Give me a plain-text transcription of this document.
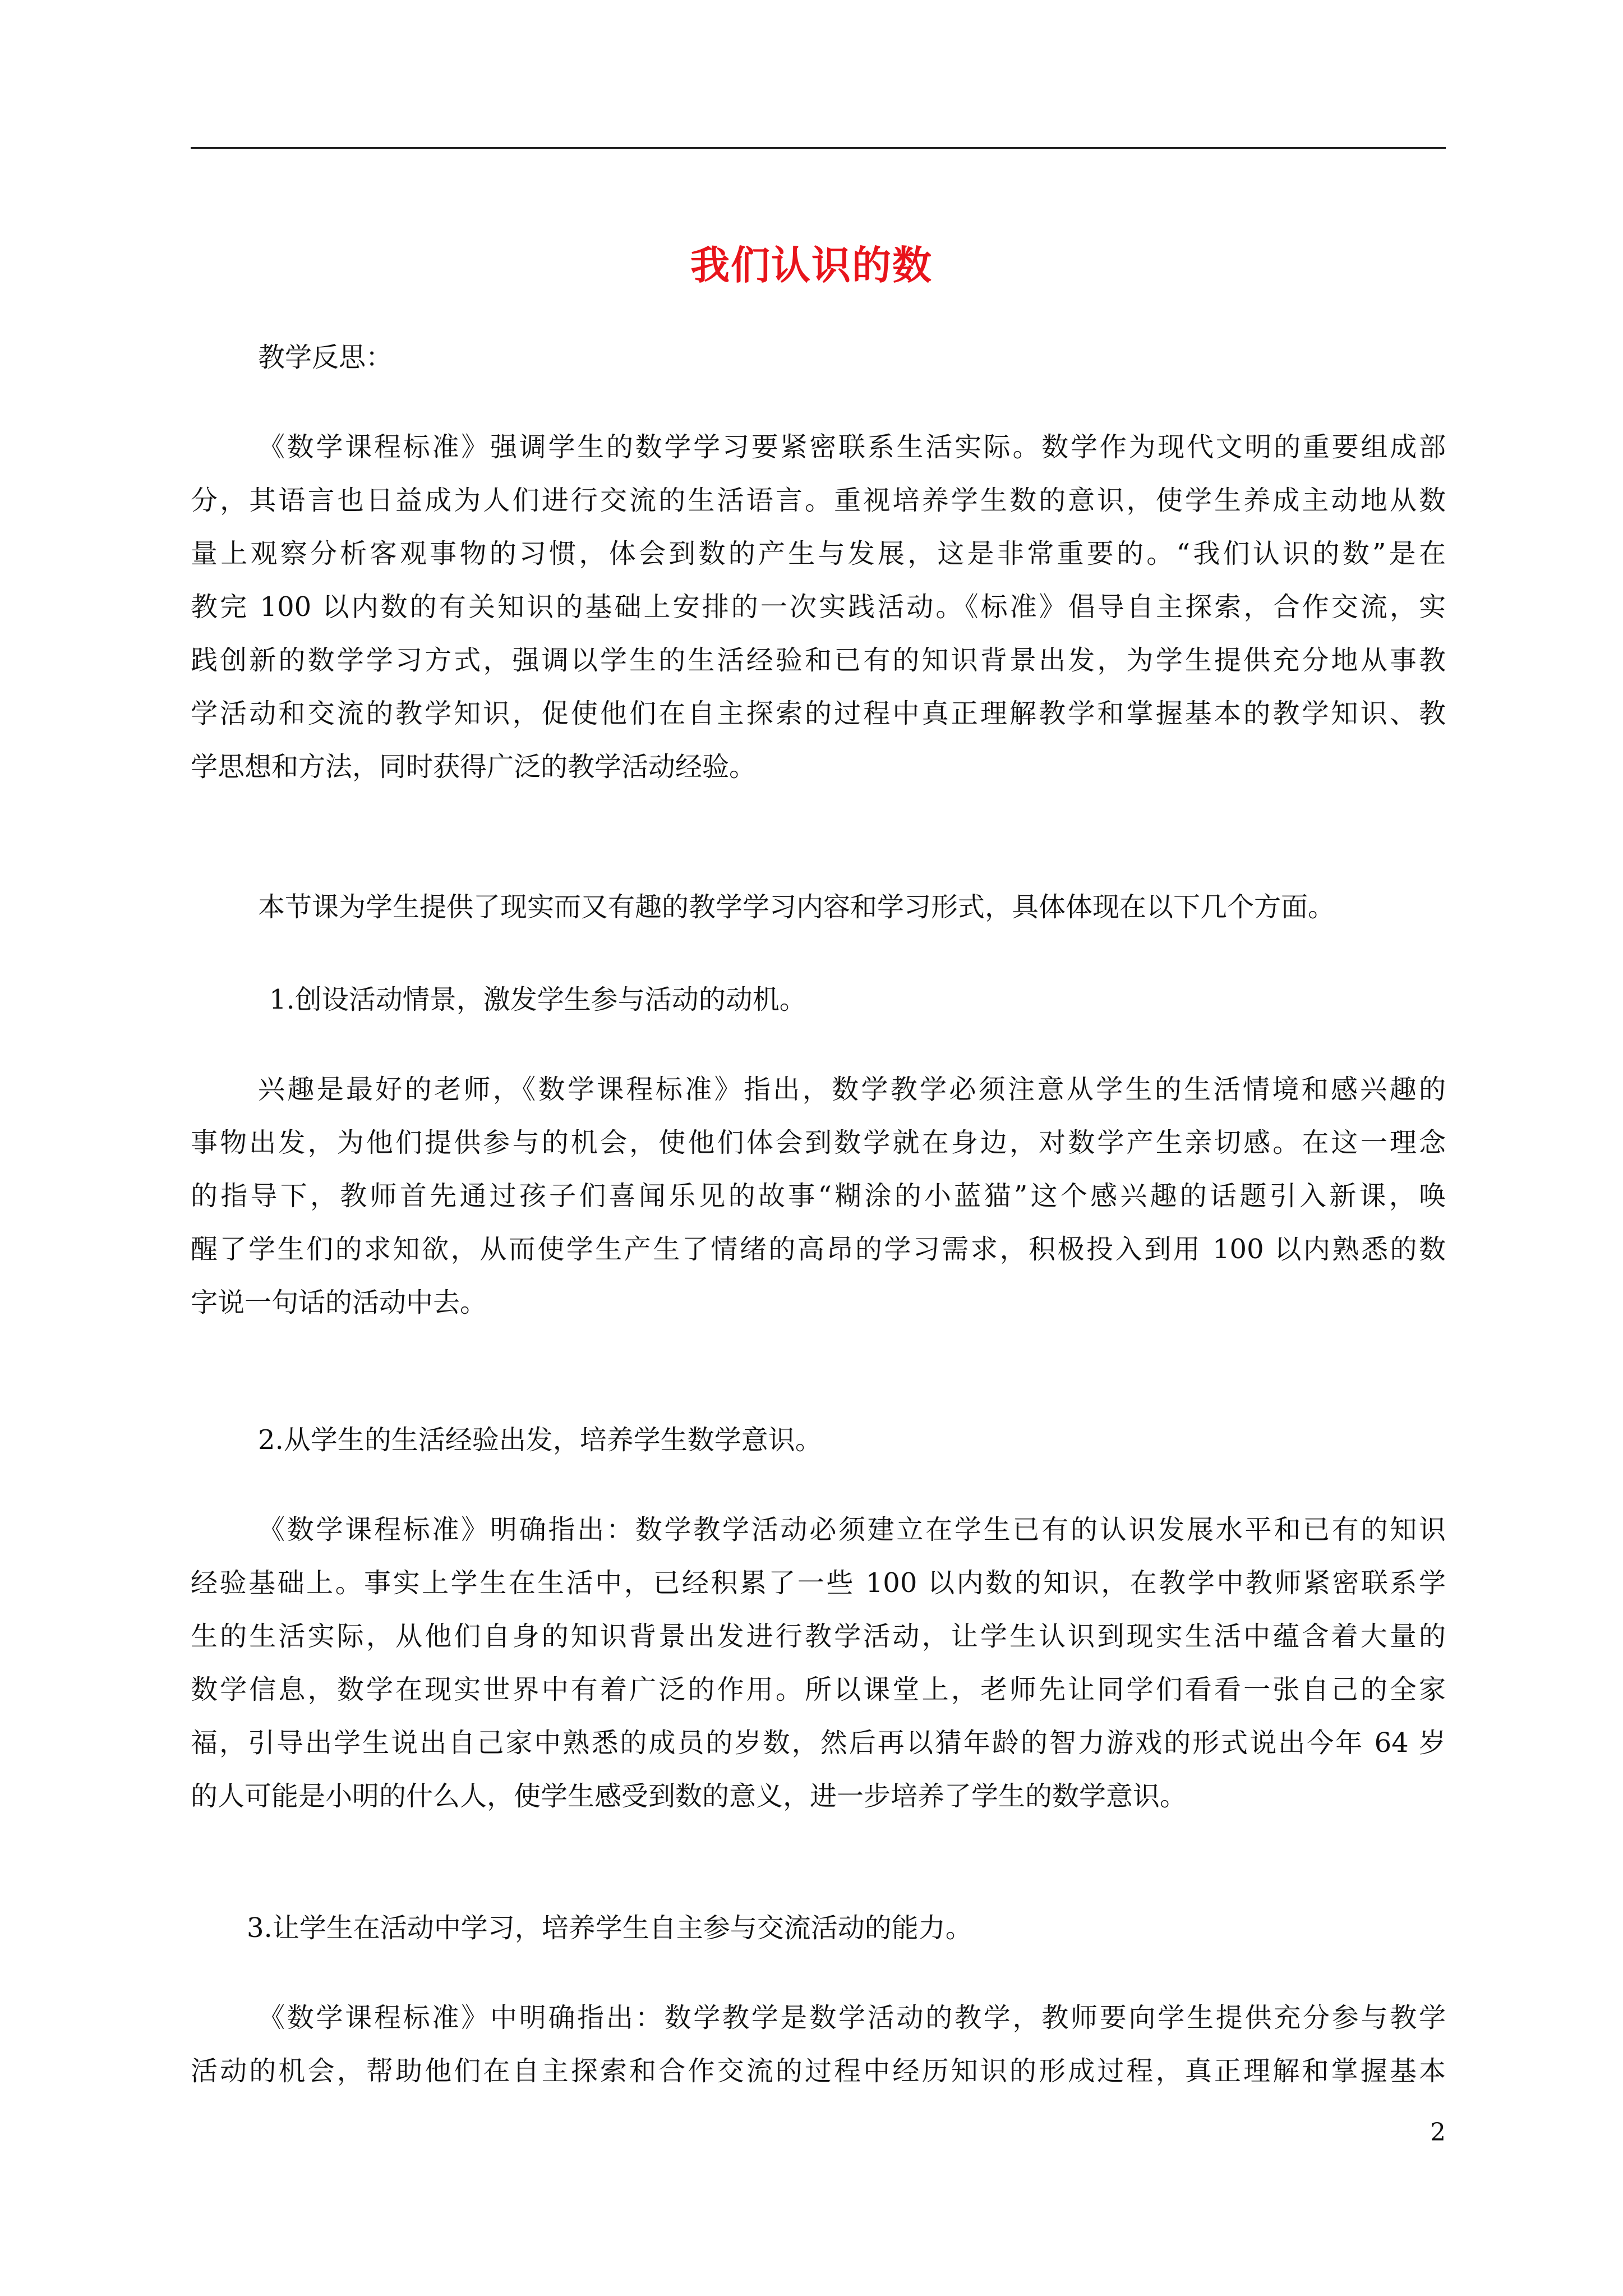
我们认识的数
教学反思：
《数学课程标准》强调学生的数学学习要紧密联系生活实际。数学作为现代文明的重要组成部
分，其语言也日益成为人们进行交流的生活语言。重视培养学生数的意识，使学生养成主动地从数
量上观察分析客观事物的习惯，体会到数的产生与发展，这是非常重要的。“我们认识的数”是在
教完 100 以内数的有关知识的基础上安排的一次实践活动。《标准》倡导自主探索，合作交流，实
践创新的数学学习方式，强调以学生的生活经验和已有的知识背景出发，为学生提供充分地从事教
学活动和交流的教学知识，促使他们在自主探索的过程中真正理解教学和掌握基本的教学知识、教
学思想和方法，同时获得广泛的教学活动经验。
本节课为学生提供了现实而又有趣的教学学习内容和学习形式，具体体现在以下几个方面。
1.创设活动情景，激发学生参与活动的动机。
兴趣是最好的老师，《数学课程标准》指出，数学教学必须注意从学生的生活情境和感兴趣的
事物出发，为他们提供参与的机会，使他们体会到数学就在身边，对数学产生亲切感。在这一理念
的指导下，教师首先通过孩子们喜闻乐见的故事“糊涂的小蓝猫”这个感兴趣的话题引入新课，唤
醒了学生们的求知欲，从而使学生产生了情绪的高昂的学习需求，积极投入到用 100 以内熟悉的数
字说一句话的活动中去。
2.从学生的生活经验出发，培养学生数学意识。
《数学课程标准》明确指出：数学教学活动必须建立在学生已有的认识发展水平和已有的知识
经验基础上。事实上学生在生活中，已经积累了一些 100 以内数的知识，在教学中教师紧密联系学
生的生活实际，从他们自身的知识背景出发进行教学活动，让学生认识到现实生活中蕴含着大量的
数学信息，数学在现实世界中有着广泛的作用。所以课堂上，老师先让同学们看看一张自己的全家
福，引导出学生说出自己家中熟悉的成员的岁数，然后再以猜年龄的智力游戏的形式说出今年 64 岁
的人可能是小明的什么人，使学生感受到数的意义，进一步培养了学生的数学意识。
3.让学生在活动中学习，培养学生自主参与交流活动的能力。
《数学课程标准》中明确指出：数学教学是数学活动的教学，教师要向学生提供充分参与教学
活动的机会，帮助他们在自主探索和合作交流的过程中经历知识的形成过程，真正理解和掌握基本
2
